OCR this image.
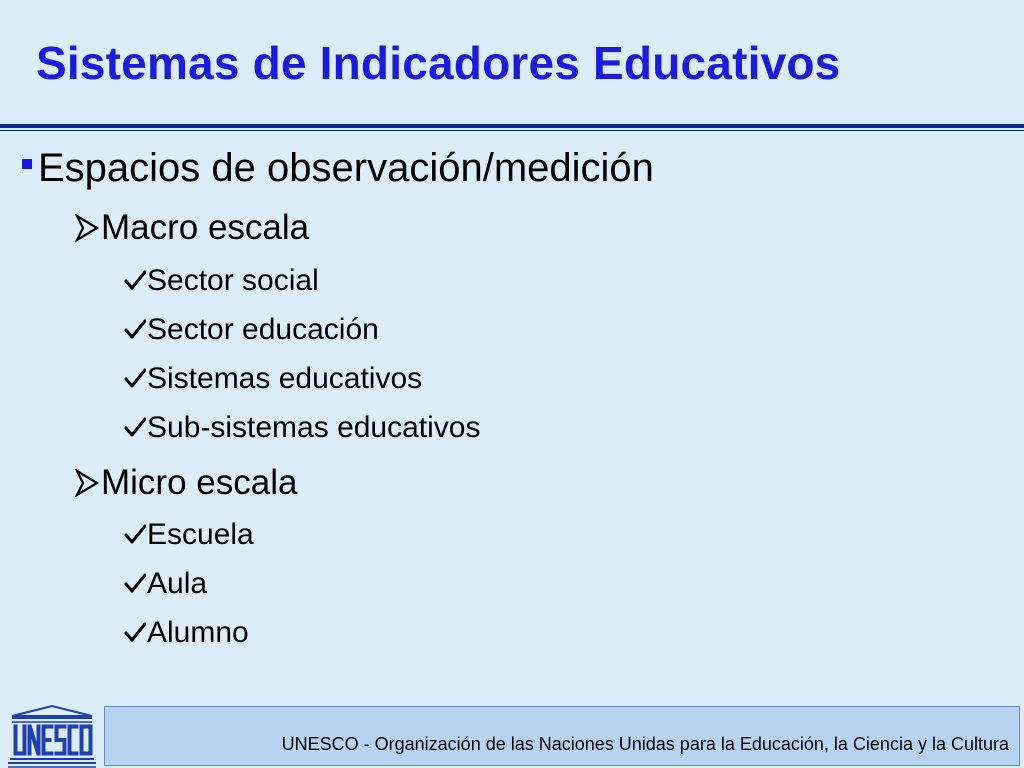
Sistemas de Indicadores Educativos
Espacios de observación/medición
Macro escala
Sector social
Sector educación
Sistemas educativos
Sub-sistemas educativos
Micro escala
Escuela
Aula
Alumno
UNESCO - Organización de las Naciones Unidas para la Educación, la Ciencia y la Cultura
